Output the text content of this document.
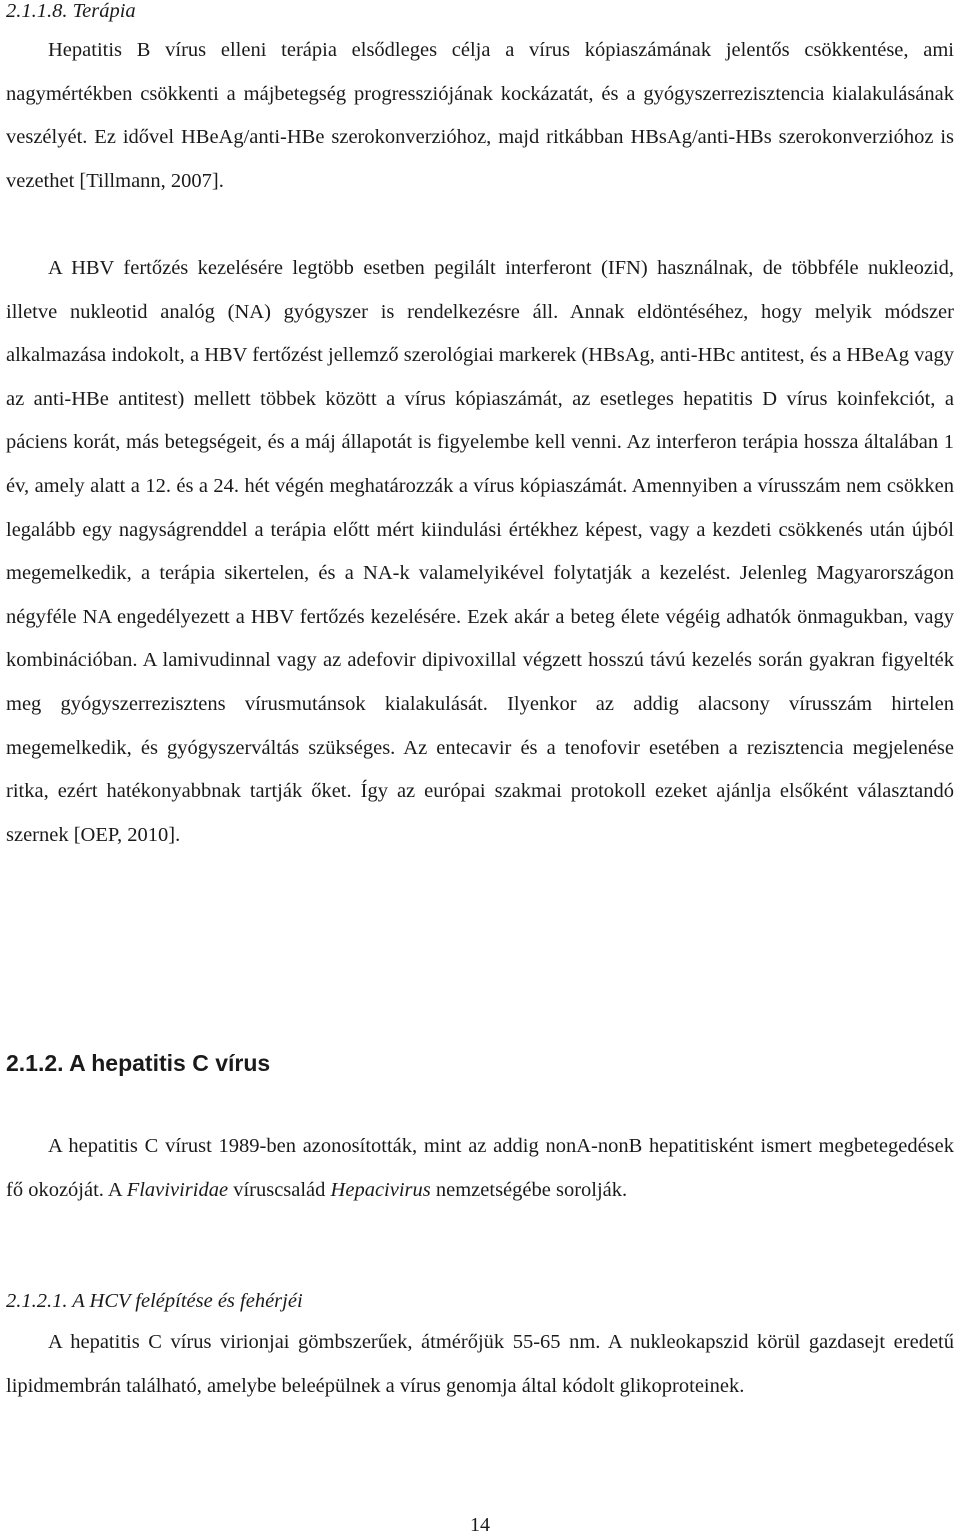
2.1.1.8. Terápia

Hepatitis B vírus elleni terápia elsődleges célja a vírus kópiaszámának jelentős csökkentése, ami nagymértékben csökkenti a májbetegség progressziójának kockázatát, és a gyógyszerrezisztencia kialakulásának veszélyét. Ez idővel HBeAg/anti-HBe szerokonverzióhoz, majd ritkábban HBsAg/anti-HBs szerokonverzióhoz is vezethet [Tillmann, 2007].

A HBV fertőzés kezelésére legtöbb esetben pegilált interferont (IFN) használnak, de többféle nukleozid, illetve nukleotid analóg (NA) gyógyszer is rendelkezésre áll. Annak eldöntéséhez, hogy melyik módszer alkalmazása indokolt, a HBV fertőzést jellemző szerológiai markerek (HBsAg, anti-HBc antitest, és a HBeAg vagy az anti-HBe antitest) mellett többek között a vírus kópiaszámát, az esetleges hepatitis D vírus koinfekciót, a páciens korát, más betegségeit, és a máj állapotát is figyelembe kell venni. Az interferon terápia hossza általában 1 év, amely alatt a 12. és a 24. hét végén meghatározzák a vírus kópiaszámát. Amennyiben a vírusszám nem csökken legalább egy nagyságrenddel a terápia előtt mért kiindulási értékhez képest, vagy a kezdeti csökkenés után újból megemelkedik, a terápia sikertelen, és a NA-k valamelyikével folytatják a kezelést. Jelenleg Magyarországon négyféle NA engedélyezett a HBV fertőzés kezelésére. Ezek akár a beteg élete végéig adhatók önmagukban, vagy kombinációban. A lamivudinnal vagy az adefovir dipivoxillal végzett hosszú távú kezelés során gyakran figyelték meg gyógyszerrezisztens vírusmutánsok kialakulását. Ilyenkor az addig alacsony vírusszám hirtelen megemelkedik, és gyógyszerváltás szükséges. Az entecavir és a tenofovir esetében a rezisztencia megjelenése ritka, ezért hatékonyabbnak tartják őket. Így az európai szakmai protokoll ezeket ajánlja elsőként választandó szernek [OEP, 2010].

2.1.2. A hepatitis C vírus

A hepatitis C vírust 1989-ben azonosították, mint az addig nonA-nonB hepatitisként ismert megbetegedések fő okozóját. A Flaviviridae víruscsalád Hepacivirus nemzetségébe sorolják.

2.1.2.1. A HCV felépítése és fehérjéi

A hepatitis C vírus virionjai gömbszerűek, átmérőjük 55-65 nm. A nukleokapszid körül gazdasejt eredetű lipidmembrán található, amelybe beleépülnek a vírus genomja által kódolt glikoproteinek.

14
